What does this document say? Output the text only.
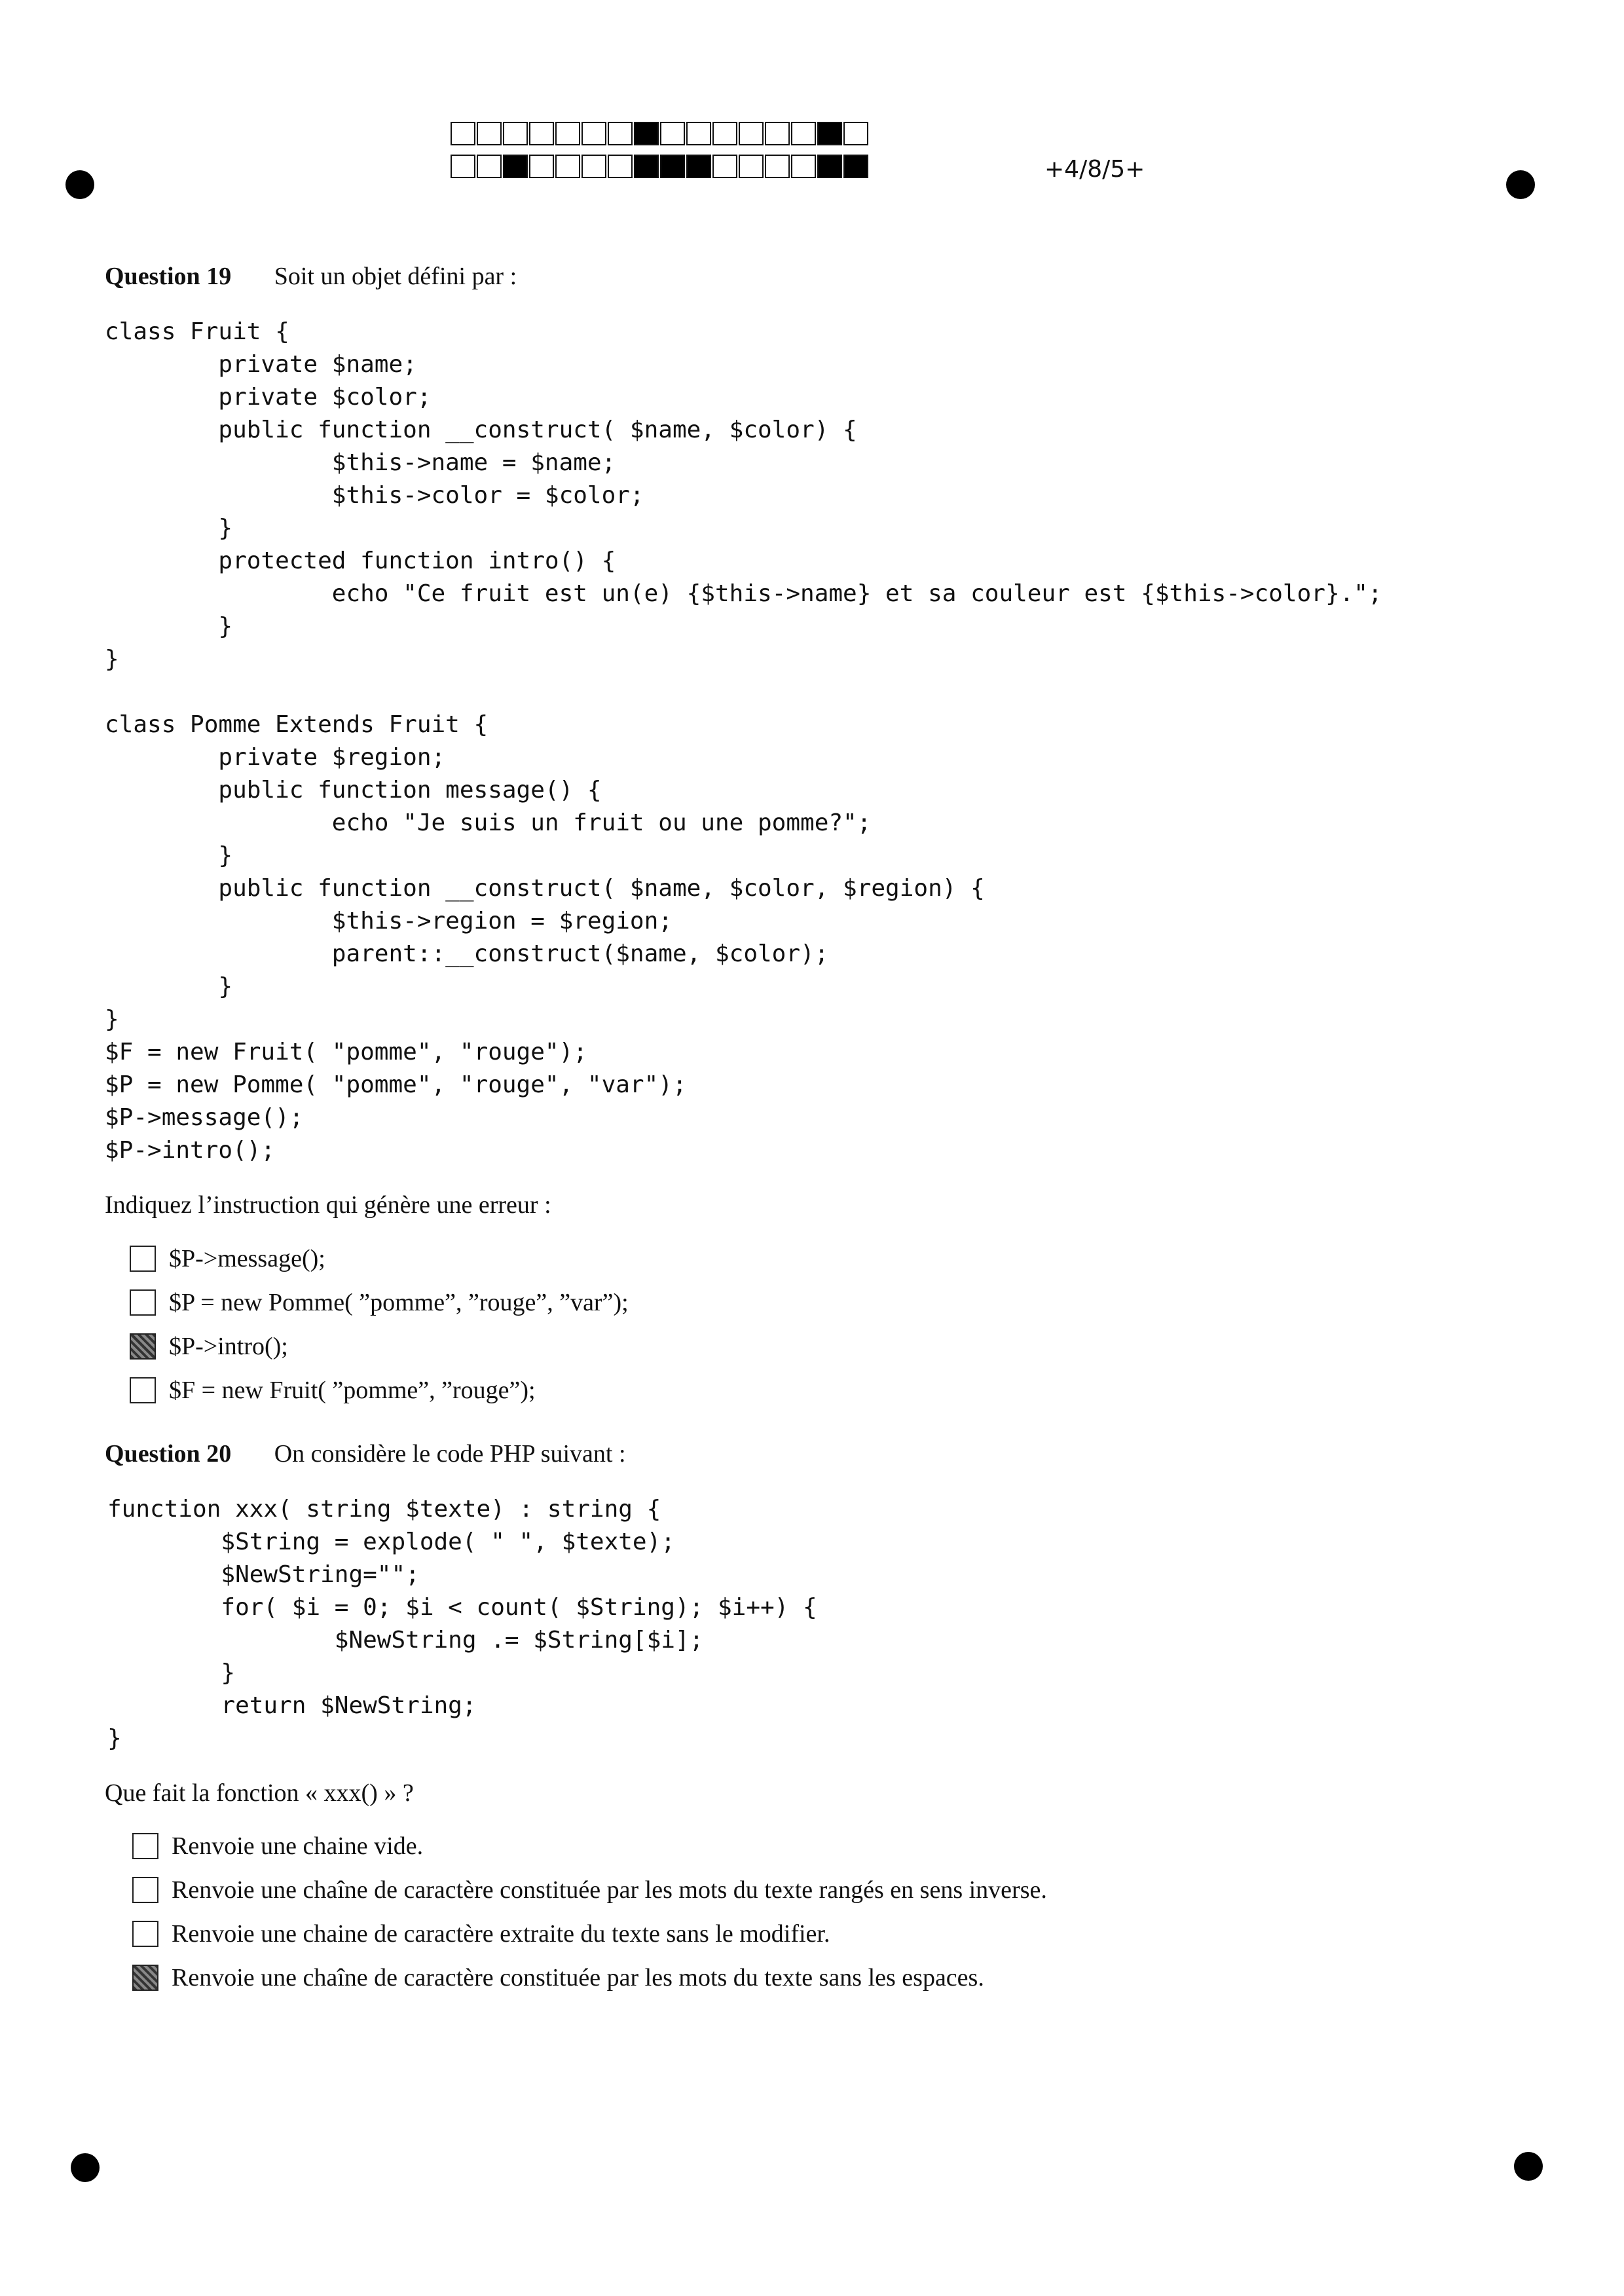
+4/8/5+
Question 19 Soit un objet défini par :
class Fruit {
private $name;
private $color;
public function __construct( $name, $color) {
$this->name = $name;
$this->color = $color;
}
protected function intro() {
echo "Ce fruit est un(e) {$this->name} et sa couleur est {$this->color}.";
}
}

class Pomme Extends Fruit {
private $region;
public function message() {
echo "Je suis un fruit ou une pomme?";
}
public function __construct( $name, $color, $region) {
$this->region = $region;
parent::__construct($name, $color);
}
}
$F = new Fruit( "pomme", "rouge");
$P = new Pomme( "pomme", "rouge", "var");
$P->message();
$P->intro();
Indiquez l’instruction qui génère une erreur :
$P->message();
$P = new Pomme( ”pomme”, ”rouge”, ”var”);
$P->intro();
$F = new Fruit( ”pomme”, ”rouge”);
Question 20 On considère le code PHP suivant :
function xxx( string $texte) : string {
$String = explode( " ", $texte);
$NewString="";
for( $i = 0; $i < count( $String); $i++) {
$NewString .= $String[$i];
}
return $NewString;
}
Que fait la fonction « xxx() » ?
Renvoie une chaine vide.
Renvoie une chaîne de caractère constituée par les mots du texte rangés en sens inverse.
Renvoie une chaine de caractère extraite du texte sans le modifier.
Renvoie une chaîne de caractère constituée par les mots du texte sans les espaces.
